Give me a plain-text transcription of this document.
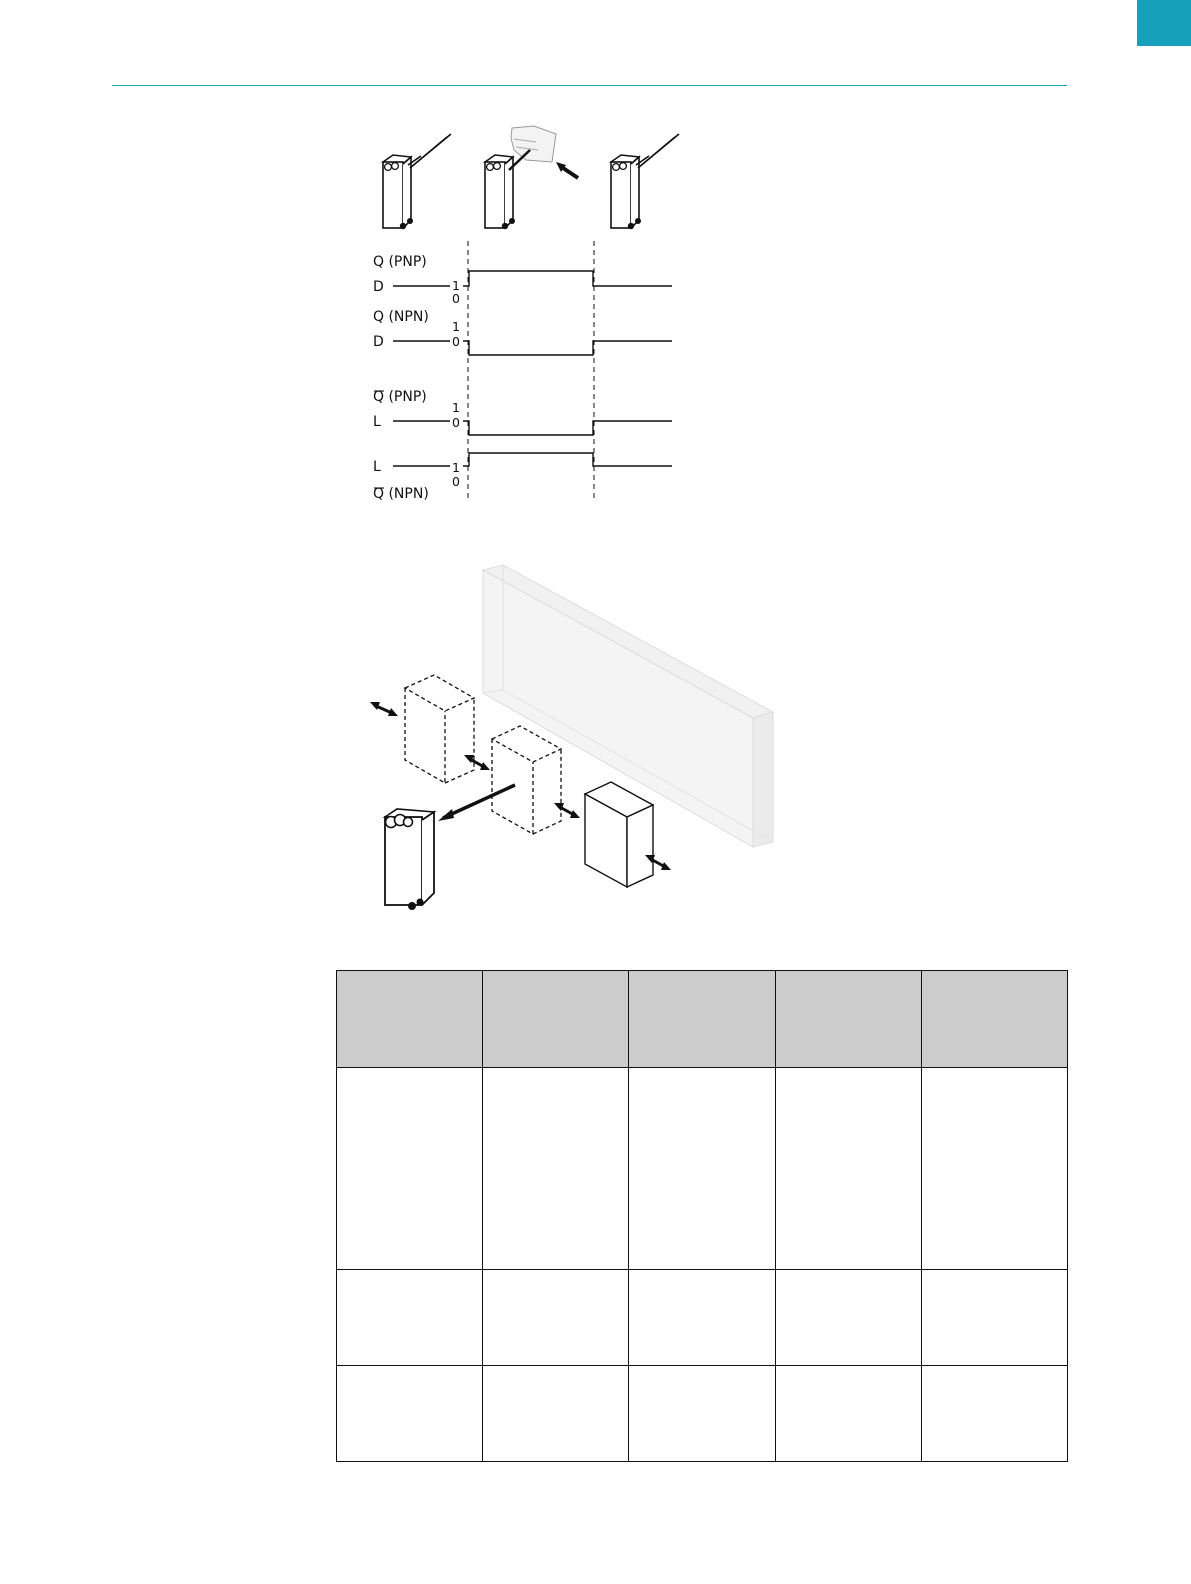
Q (PNP)
D	1
0
Q (NPN)
D
1
0
Q (PNP)
L
1
0
L	1
0
Q (NPN)
